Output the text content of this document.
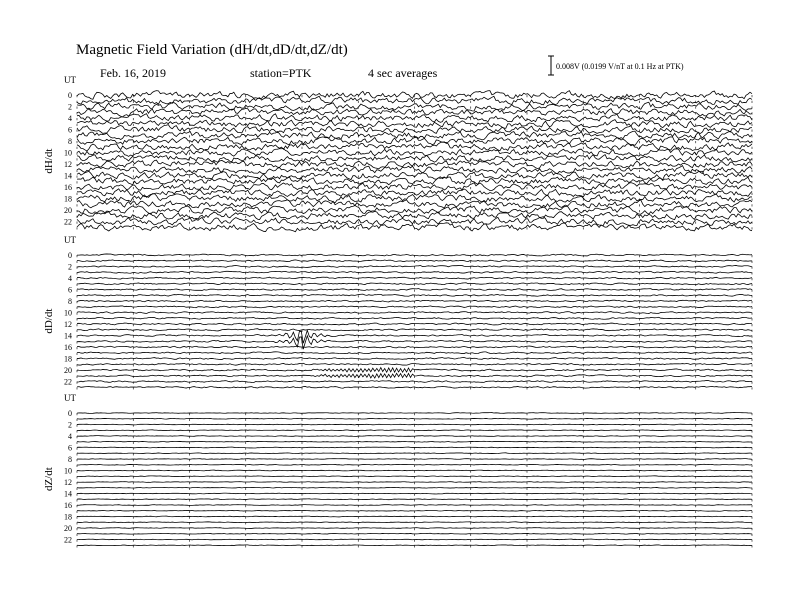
Magnetic Field Variation (dH/dt,dD/dt,dZ/dt)
Feb. 16, 2019	station=PTK	4 sec averages	0.008V (0.0199 V/nT at 0.1 Hz at PTK)
UT
dH/dt
0
2
4
6
8
10
12
14
16
18
20
22
UT
dD/dt
0
2
4
6
8
10
12
14
16
18
20
22
UT
dZ/dt
0
2
4
6
8
10
12
14
16
18
20
22
